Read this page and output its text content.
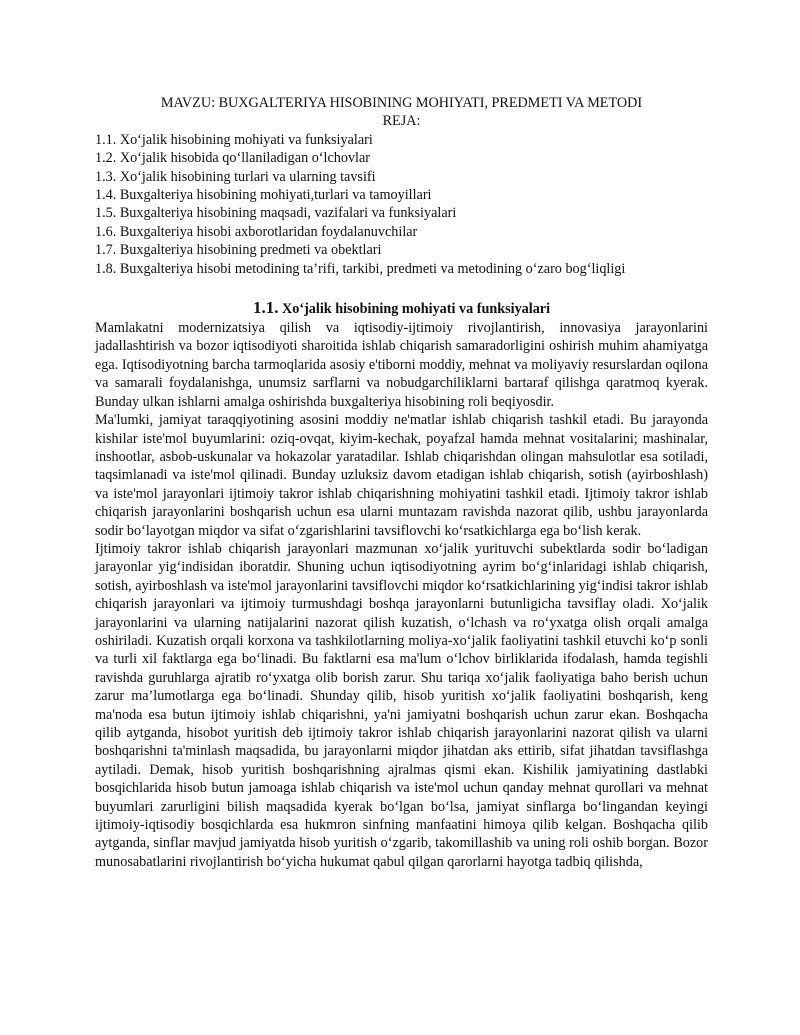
MAVZU: BUXGALTERIYA HISOBINING MOHIYATI, PREDMETI VA METODI

REJA:

1.1. Xo‘jalik hisobining mohiyati va funksiyalari
1.2. Xo‘jalik hisobida qo‘llaniladigan o‘lchovlar
1.3. Xo‘jalik hisobining turlari va ularning tavsifi
1.4. Buxgalteriya hisobining mohiyati,turlari va tamoyillari
1.5. Buxgalteriya hisobining maqsadi, vazifalari va funksiyalari
1.6. Buxgalteriya hisobi axborotlaridan foydalanuvchilar
1.7. Buxgalteriya hisobining predmeti va obektlari
1.8. Buxgalteriya hisobi metodining ta’rifi, tarkibi, predmeti va metodining o‘zaro bog‘liqligi
1.1. Xo‘jalik hisobining mohiyati va funksiyalari

Mamlakatni modernizatsiya qilish va iqtisodiy-ijtimoiy rivojlantirish, innovasiya jarayonlarini jadallashtirish va bozor iqtisodiyoti sharoitida ishlab chiqarish samaradorligini oshirish muhim ahamiyatga ega. Iqtisodiyotning barcha tarmoqlarida asosiy e'tiborni moddiy, mehnat va moliyaviy resurslardan oqilona va samarali foydalanishga, unumsiz sarflarni va nobudgarchiliklarni bartaraf qilishga qaratmoq kyerak. Bunday ulkan ishlarni amalga oshirishda buxgalteriya hisobining roli beqiyosdir.

Ma'lumki, jamiyat taraqqiyotining asosini moddiy ne'matlar ishlab chiqarish tashkil etadi. Bu jarayonda kishilar iste'mol buyumlarini: oziq-ovqat, kiyim-kechak, poyafzal hamda mehnat vositalarini; mashinalar, inshootlar, asbob-uskunalar va hokazolar yaratadilar. Ishlab chiqarishdan olingan mahsulotlar esa sotiladi, taqsimlanadi va iste'mol qilinadi. Bunday uzluksiz davom etadigan ishlab chiqarish, sotish (ayirboshlash) va iste'mol jarayonlari ijtimoiy takror ishlab chiqarishning mohiyatini tashkil etadi. Ijtimoiy takror ishlab chiqarish jarayonlarini boshqarish uchun esa ularni muntazam ravishda nazorat qilib, ushbu jarayonlarda sodir bo‘layotgan miqdor va sifat o‘zgarishlarini tavsiflovchi ko‘rsatkichlarga ega bo‘lish kerak.

Ijtimoiy takror ishlab chiqarish jarayonlari mazmunan xo‘jalik yurituvchi subektlarda sodir bo‘ladigan jarayonlar yig‘indisidan iboratdir. Shuning uchun iqtisodiyotning ayrim bo‘g‘inlaridagi ishlab chiqarish, sotish, ayirboshlash va iste'mol jarayonlarini tavsiflovchi miqdor ko‘rsatkichlarining yig‘indisi takror ishlab chiqarish jarayonlari va ijtimoiy turmushdagi boshqa jarayonlarni butunligicha tavsiflay oladi. Xo‘jalik jarayonlarini va ularning natijalarini nazorat qilish kuzatish, o‘lchash va ro‘yxatga olish orqali amalga oshiriladi. Kuzatish orqali korxona va tashkilotlarning moliya-xo‘jalik faoliyatini tashkil etuvchi ko‘p sonli va turli xil faktlarga ega bo‘linadi. Bu faktlarni esa ma'lum o‘lchov birliklarida ifodalash, hamda tegishli ravishda guruhlarga ajratib ro‘yxatga olib borish zarur. Shu tariqa xo‘jalik faoliyatiga baho berish uchun zarur ma’lumotlarga ega bo‘linadi. Shunday qilib, hisob yuritish xo‘jalik faoliyatini boshqarish, keng ma'noda esa butun ijtimoiy ishlab chiqarishni, ya'ni jamiyatni boshqarish uchun zarur ekan. Boshqacha qilib aytganda, hisobot yuritish deb ijtimoiy takror ishlab chiqarish jarayonlarini nazorat qilish va ularni boshqarishni ta'minlash maqsadida, bu jarayonlarni miqdor jihatdan aks ettirib, sifat jihatdan tavsiflashga aytiladi. Demak, hisob yuritish boshqarishning ajralmas qismi ekan. Kishilik jamiyatining dastlabki bosqichlarida hisob butun jamoaga ishlab chiqarish va iste'mol uchun qanday mehnat qurollari va mehnat buyumlari zarurligini bilish maqsadida kyerak bo‘lgan bo‘lsa, jamiyat sinflarga bo‘lingandan keyingi ijtimoiy-iqtisodiy bosqichlarda esa hukmron sinfning manfaatini himoya qilib kelgan. Boshqacha qilib aytganda, sinflar mavjud jamiyatda hisob yuritish o‘zgarib, takomillashib va uning roli oshib borgan. Bozor munosabatlarini rivojlantirish bo‘yicha hukumat qabul qilgan qarorlarni hayotga tadbiq qilishda,
